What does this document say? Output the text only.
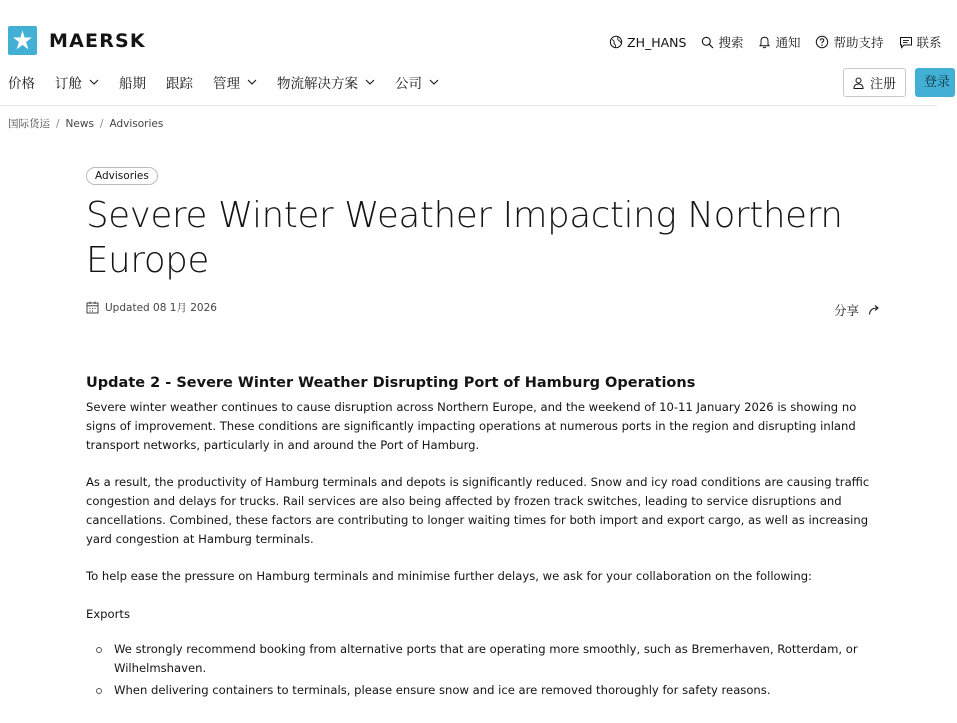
MAERSK	ZH_HANS	搜索	通知	帮助支持	联系
价格 订舱	船期 跟踪 管理	物流解决方案	公司	注册	登录
国际货运 / News / Advisories
Advisories
Severe Winter Weather Impacting Northern Europe
Updated 08 1月 2026	分享
Update 2 - Severe Winter Weather Disrupting Port of Hamburg Operations

Severe winter weather continues to cause disruption across Northern Europe, and the weekend of 10-11 January 2026 is showing no signs of improvement. These conditions are significantly impacting operations at numerous ports in the region and disrupting inland transport networks, particularly in and around the Port of Hamburg.

As a result, the productivity of Hamburg terminals and depots is significantly reduced. Snow and icy road conditions are causing traffic congestion and delays for trucks. Rail services are also being affected by frozen track switches, leading to service disruptions and cancellations. Combined, these factors are contributing to longer waiting times for both import and export cargo, as well as increasing yard congestion at Hamburg terminals.

To help ease the pressure on Hamburg terminals and minimise further delays, we ask for your collaboration on the following:

Exports

We strongly recommend booking from alternative ports that are operating more smoothly, such as Bremerhaven, Rotterdam, or Wilhelmshaven.
When delivering containers to terminals, please ensure snow and ice are removed thoroughly for safety reasons.
